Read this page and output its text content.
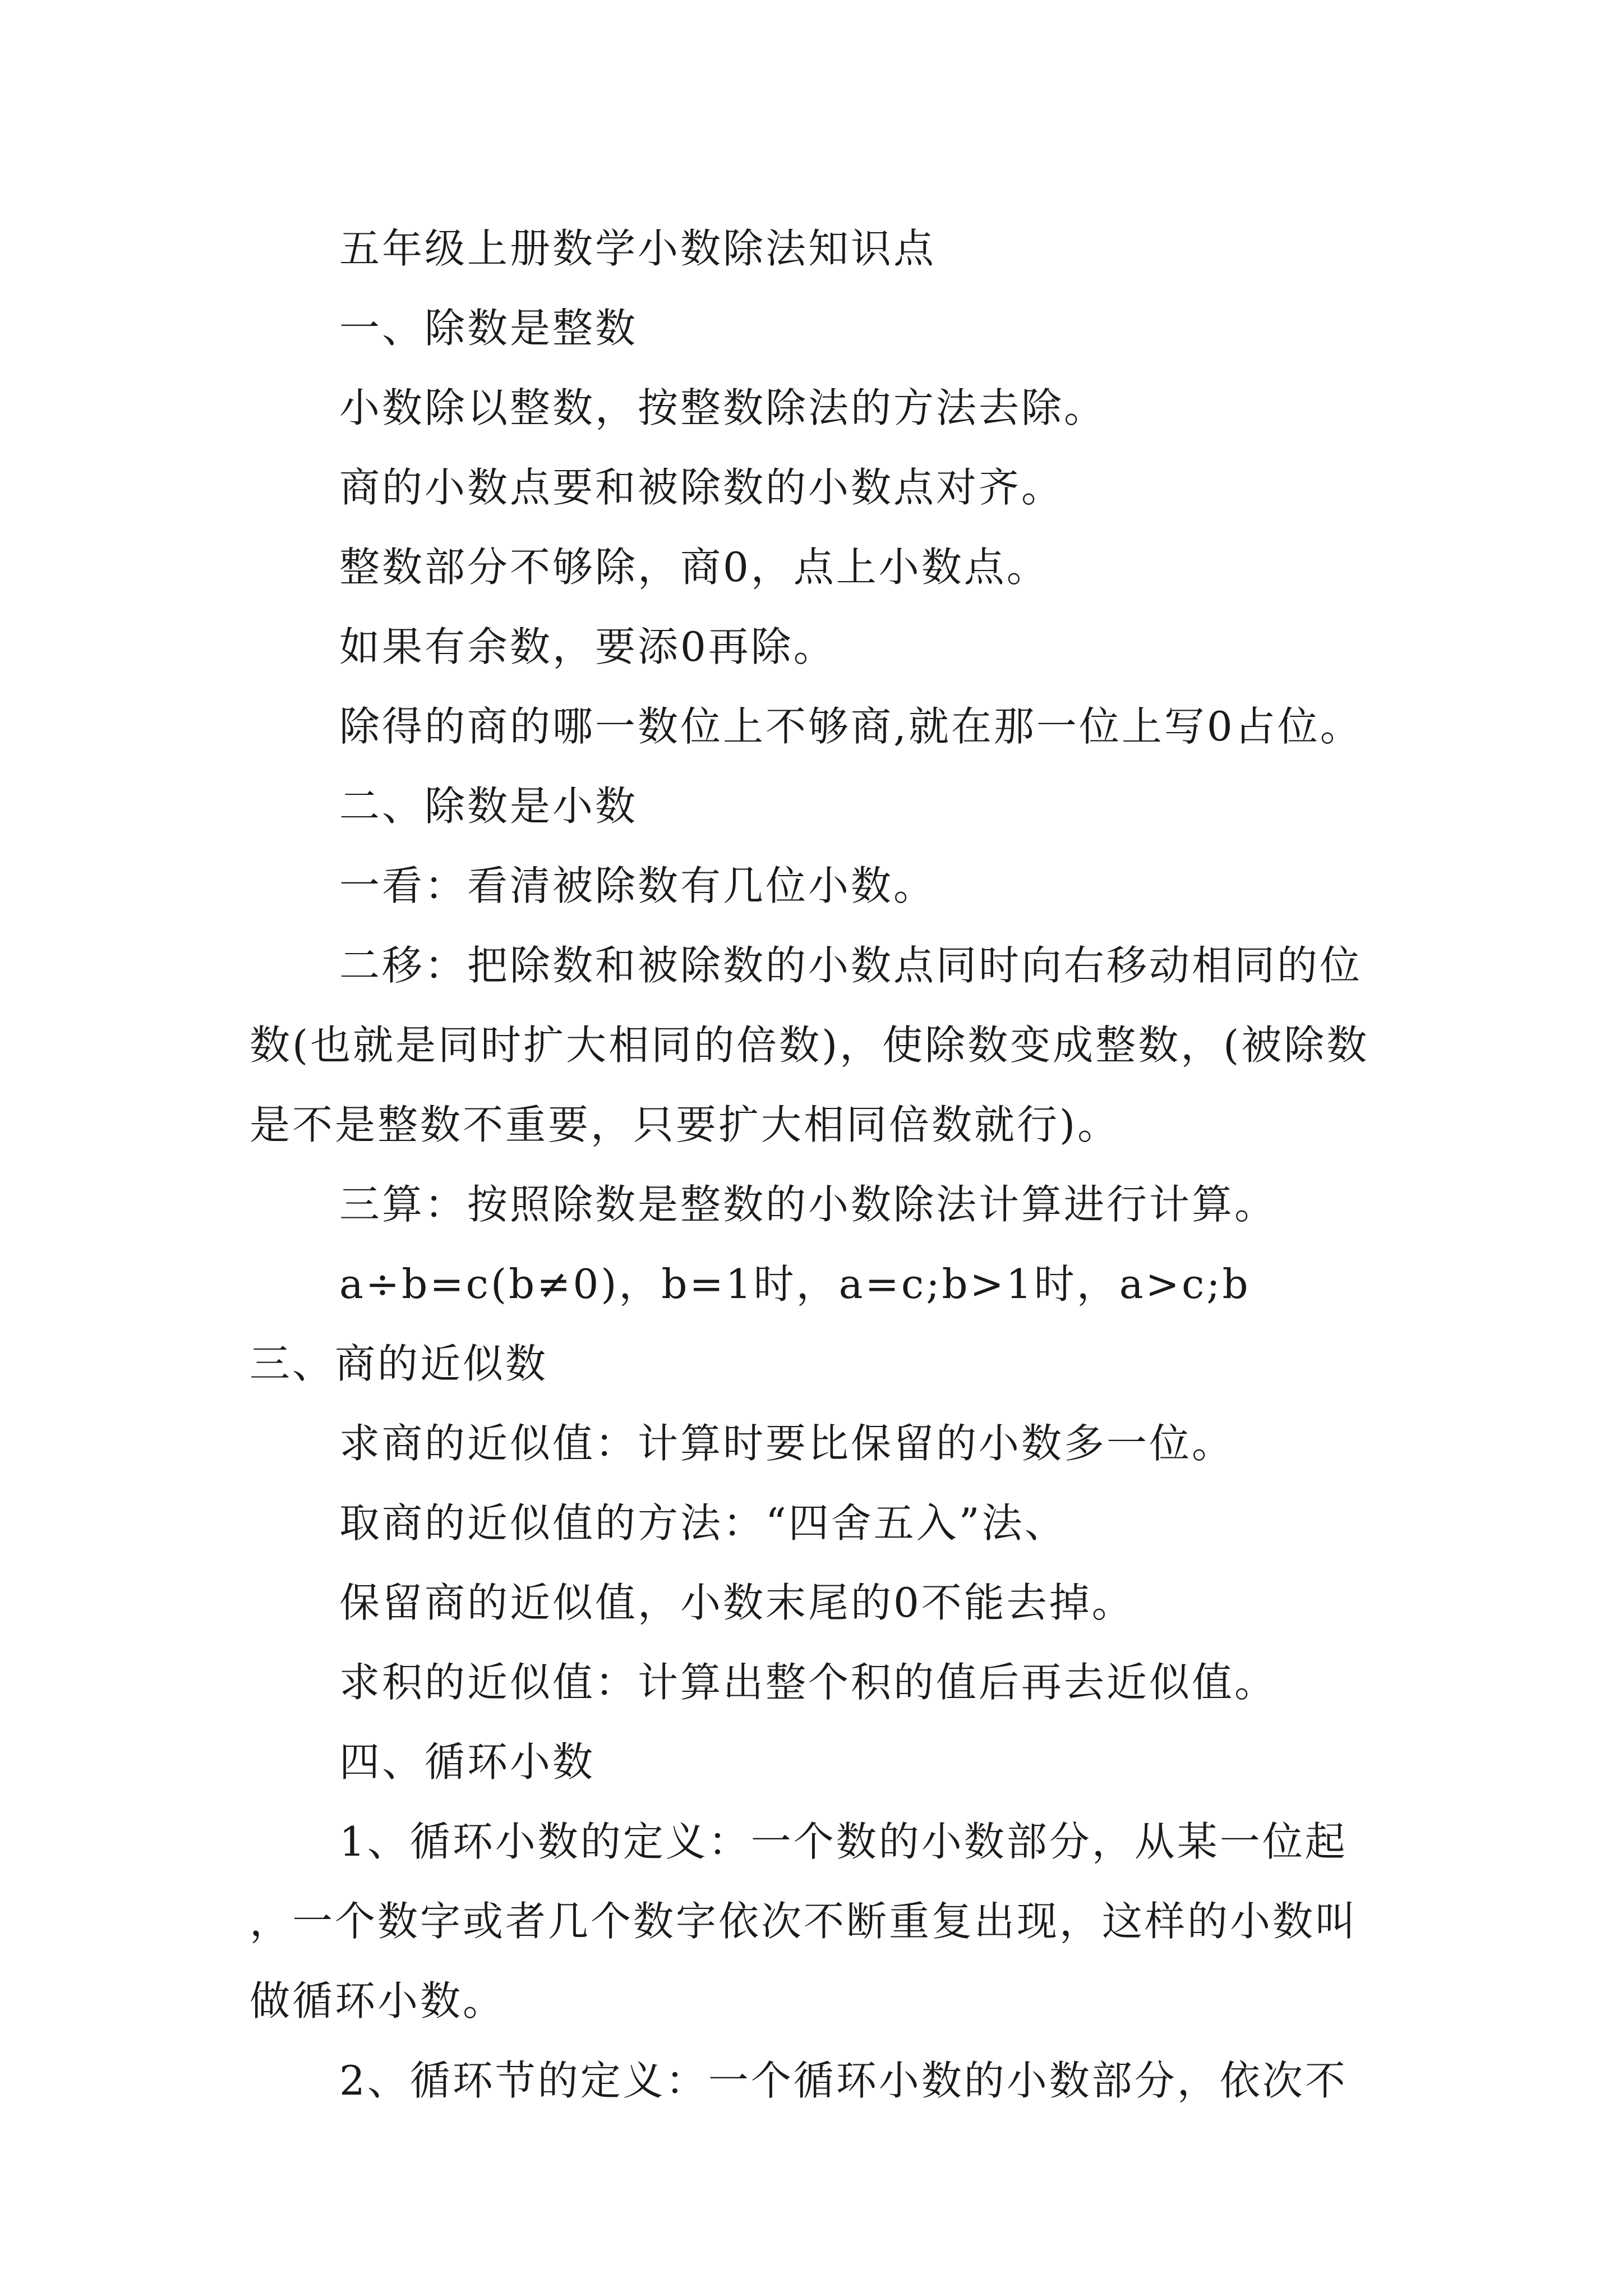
五年级上册数学小数除法知识点

一、除数是整数

小数除以整数，按整数除法的方法去除。

商的小数点要和被除数的小数点对齐。

整数部分不够除，商0，点上小数点。

如果有余数，要添0再除。

除得的商的哪一数位上不够商,就在那一位上写0占位。

二、除数是小数

一看：看清被除数有几位小数。

二移：把除数和被除数的小数点同时向右移动相同的位数(也就是同时扩大相同的倍数)，使除数变成整数，(被除数是不是整数不重要，只要扩大相同倍数就行)。

三算：按照除数是整数的小数除法计算进行计算。

a÷b=c(b≠0)，b=1时，a=c;b>1时，a>c;b　　　三、商的近似数

求商的近似值：计算时要比保留的小数多一位。

取商的近似值的方法：“四舍五入”法、

保留商的近似值，小数末尾的0不能去掉。

求积的近似值：计算出整个积的值后再去近似值。

四、循环小数

1、循环小数的定义：一个数的小数部分，从某一位起，一个数字或者几个数字依次不断重复出现，这样的小数叫做循环小数。

2、循环节的定义：一个循环小数的小数部分，依次不
